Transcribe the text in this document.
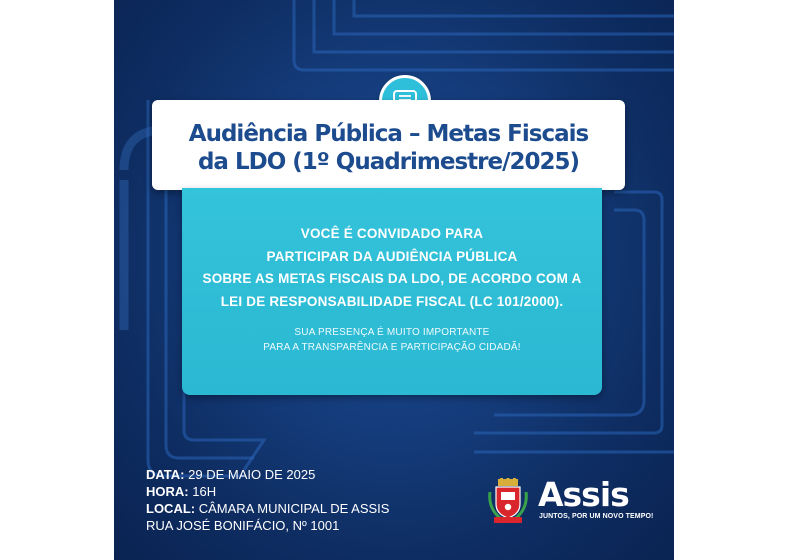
Audiência Pública – Metas Fiscais
da LDO (1º Quadrimestre/2025)
VOCÊ É CONVIDADO PARA
PARTICIPAR DA AUDIÊNCIA PÚBLICA
SOBRE AS METAS FISCAIS DA LDO, DE ACORDO COM A
LEI DE RESPONSABILIDADE FISCAL (LC 101/2000).
SUA PRESENÇA É MUITO IMPORTANTE
PARA A TRANSPARÊNCIA E PARTICIPAÇÃO CIDADÃ!
DATA: 29 DE MAIO DE 2025
HORA: 16H
LOCAL: CÂMARA MUNICIPAL DE ASSIS
RUA JOSÉ BONIFÁCIO, Nº 1001
Assis
JUNTOS, POR UM NOVO TEMPO!
